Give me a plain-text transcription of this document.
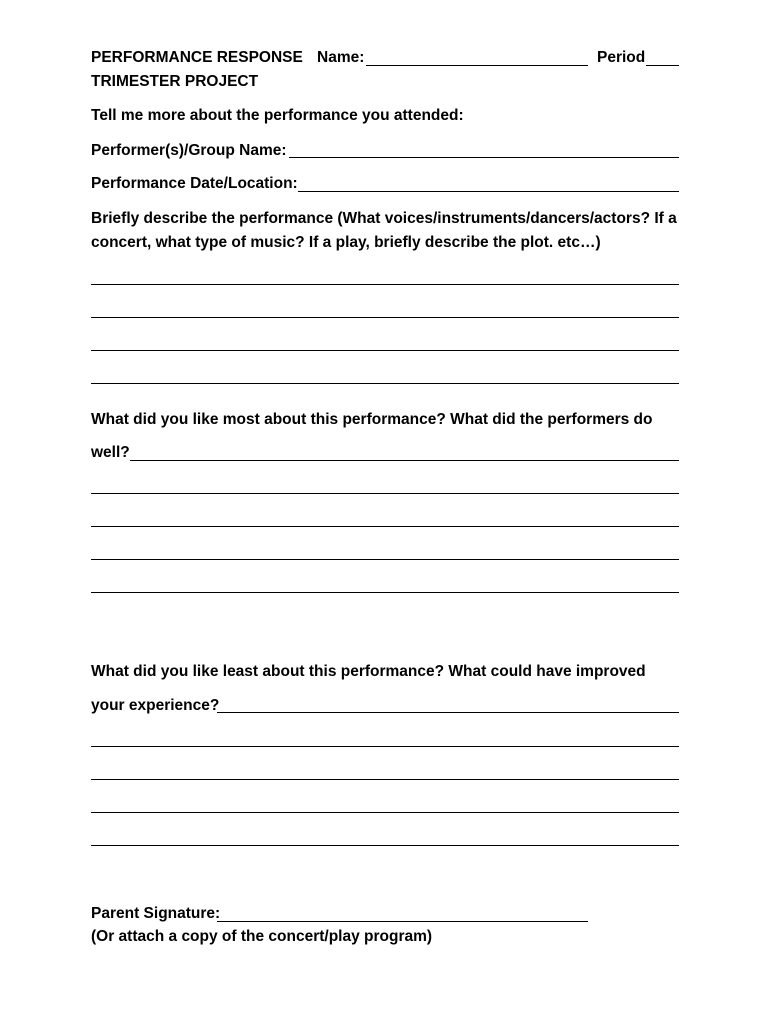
PERFORMANCE RESPONSE
TRIMESTER PROJECT
Name:	Period
Tell me more about the performance you attended:
Performer(s)/Group Name:
Performance Date/Location:
Briefly describe the performance (What voices/instruments/dancers/actors? If a
concert, what type of music? If a play, briefly describe the plot. etc…)
What did you like most about this performance? What did the performers do
well?
What did you like least about this performance? What could have improved
your experience?
Parent Signature:
(Or attach a copy of the concert/play program)
